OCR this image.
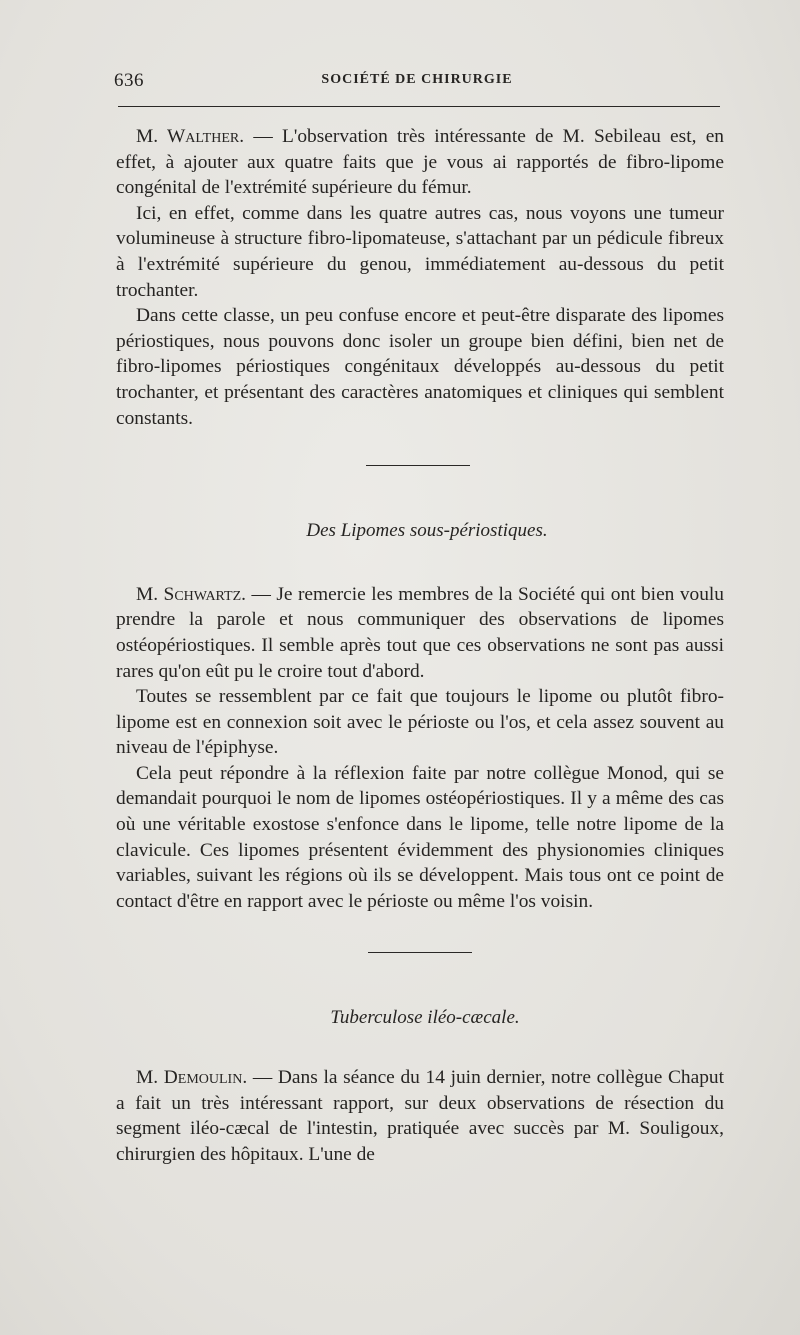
636	SOCIÉTÉ DE CHIRURGIE

M. Walther. — L'observation très intéressante de M. Sebileau est, en effet, à ajouter aux quatre faits que je vous ai rapportés de fibro-lipome congénital de l'extrémité supérieure du fémur.

Ici, en effet, comme dans les quatre autres cas, nous voyons une tumeur volumineuse à structure fibro-lipomateuse, s'attachant par un pédicule fibreux à l'extrémité supérieure du genou, immédiatement au-dessous du petit trochanter.

Dans cette classe, un peu confuse encore et peut-être disparate des lipomes périostiques, nous pouvons donc isoler un groupe bien défini, bien net de fibro-lipomes périostiques congénitaux développés au-dessous du petit trochanter, et présentant des caractères anatomiques et cliniques qui semblent constants.

Des Lipomes sous-périostiques.

M. Schwartz. — Je remercie les membres de la Société qui ont bien voulu prendre la parole et nous communiquer des observations de lipomes ostéopériostiques. Il semble après tout que ces observations ne sont pas aussi rares qu'on eût pu le croire tout d'abord.

Toutes se ressemblent par ce fait que toujours le lipome ou plutôt fibro-lipome est en connexion soit avec le périoste ou l'os, et cela assez souvent au niveau de l'épiphyse.

Cela peut répondre à la réflexion faite par notre collègue Monod, qui se demandait pourquoi le nom de lipomes ostéopériostiques. Il y a même des cas où une véritable exostose s'enfonce dans le lipome, telle notre lipome de la clavicule. Ces lipomes présentent évidemment des physionomies cliniques variables, suivant les régions où ils se développent. Mais tous ont ce point de contact d'être en rapport avec le périoste ou même l'os voisin.

Tuberculose iléo-cæcale.

M. Demoulin. — Dans la séance du 14 juin dernier, notre collègue Chaput a fait un très intéressant rapport, sur deux observations de résection du segment iléo-cæcal de l'intestin, pratiquée avec succès par M. Souligoux, chirurgien des hôpitaux. L'une de
